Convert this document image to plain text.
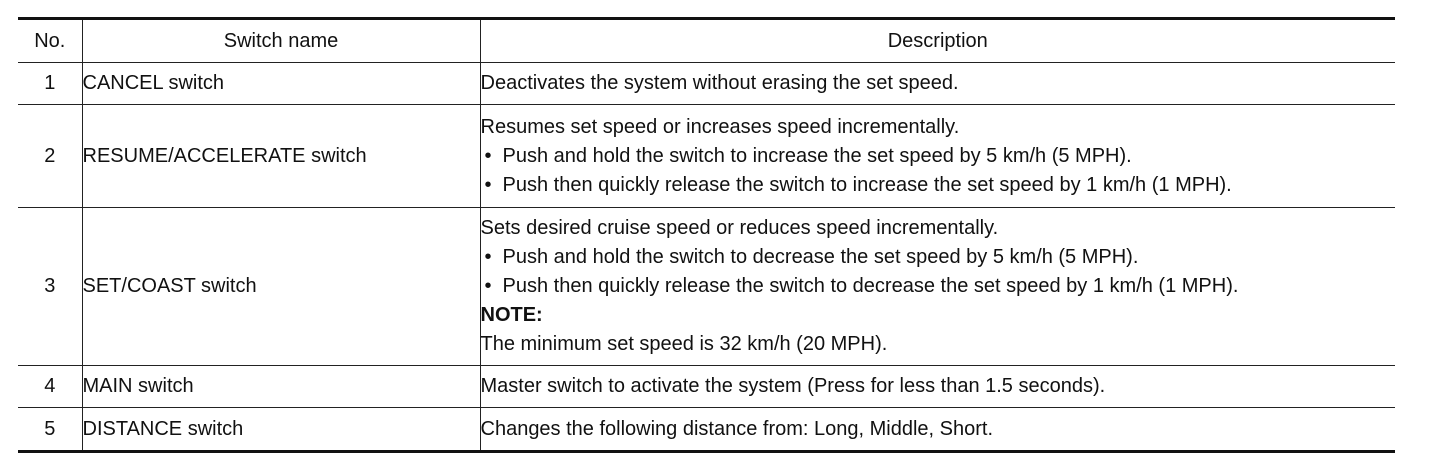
No.	Switch name	Description
1	CANCEL switch	Deactivates the system without erasing the set speed.

2	RESUME/ACCELERATE switch	Resumes set speed or increases speed incrementally.
• Push and hold the switch to increase the set speed by 5 km/h (5 MPH).
• Push then quickly release the switch to increase the set speed by 1 km/h (1 MPH).

3	SET/COAST switch	Sets desired cruise speed or reduces speed incrementally.
• Push and hold the switch to decrease the set speed by 5 km/h (5 MPH).
• Push then quickly release the switch to decrease the set speed by 1 km/h (1 MPH).
NOTE:
The minimum set speed is 32 km/h (20 MPH).

4	MAIN switch	Master switch to activate the system (Press for less than 1.5 seconds).

5	DISTANCE switch	Changes the following distance from: Long, Middle, Short.
